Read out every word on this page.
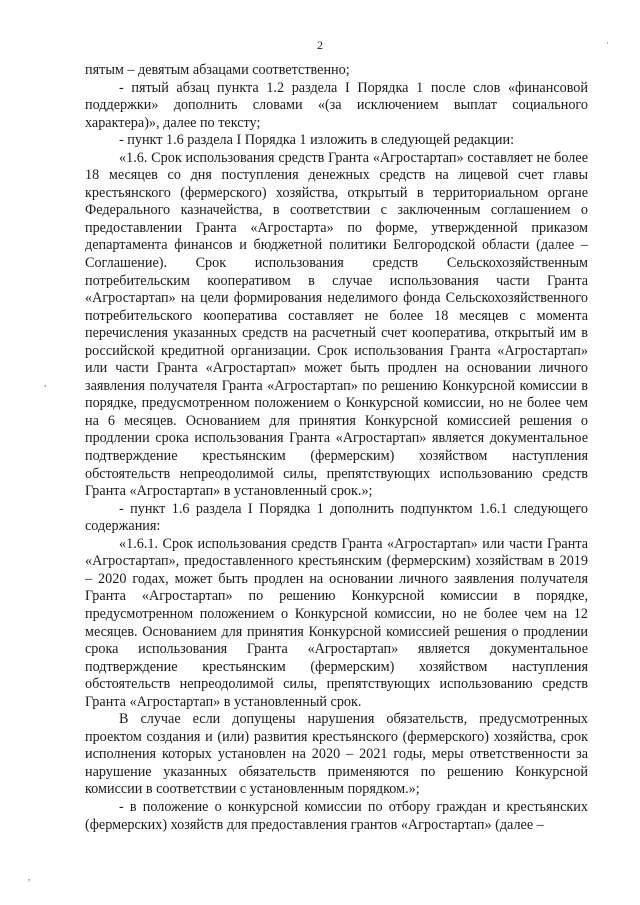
2

пятым – девятым абзацами соответственно;

- пятый абзац пункта 1.2 раздела I Порядка 1 после слов «финансовой поддержки» дополнить словами «(за исключением выплат социального характера)», далее по тексту;

- пункт 1.6 раздела I Порядка 1 изложить в следующей редакции:

«1.6. Срок использования средств Гранта «Агростартап» составляет не более 18 месяцев со дня поступления денежных средств на лицевой счет главы крестьянского (фермерского) хозяйства, открытый в территориальном органе Федерального казначейства, в соответствии с заключенным соглашением о предоставлении Гранта «Агростарта» по форме, утвержденной приказом департамента финансов и бюджетной политики Белгородской области (далее – Соглашение). Срок использования средств Сельскохозяйственным потребительским кооперативом в случае использования части Гранта «Агростартап» на цели формирования неделимого фонда Сельскохозяйственного потребительского кооператива составляет не более 18 месяцев с момента перечисления указанных средств на расчетный счет кооператива, открытый им в российской кредитной организации. Срок использования Гранта «Агростартап» или части Гранта «Агростартап» может быть продлен на основании личного заявления получателя Гранта «Агростартап» по решению Конкурсной комиссии в порядке, предусмотренном положением о Конкурсной комиссии, но не более чем на 6 месяцев. Основанием для принятия Конкурсной комиссией решения о продлении срока использования Гранта «Агростартап» является документальное подтверждение крестьянским (фермерским) хозяйством наступления обстоятельств непреодолимой силы, препятствующих использованию средств Гранта «Агростартап» в установленный срок.»;

- пункт 1.6 раздела I Порядка 1 дополнить подпунктом 1.6.1 следующего содержания:

«1.6.1. Срок использования средств Гранта «Агростартап» или части Гранта «Агростартап», предоставленного крестьянским (фермерским) хозяйствам в 2019 – 2020 годах, может быть продлен на основании личного заявления получателя Гранта «Агростартап» по решению Конкурсной комиссии в порядке, предусмотренном положением о Конкурсной комиссии, но не более чем на 12 месяцев. Основанием для принятия Конкурсной комиссией решения о продлении срока использования Гранта «Агростартап» является документальное подтверждение крестьянским (фермерским) хозяйством наступления обстоятельств непреодолимой силы, препятствующих использованию средств Гранта «Агростартап» в установленный срок.

В случае если допущены нарушения обязательств, предусмотренных проектом создания и (или) развития крестьянского (фермерского) хозяйства, срок исполнения которых установлен на 2020 – 2021 годы, меры ответственности за нарушение указанных обязательств применяются по решению Конкурсной комиссии в соответствии с установленным порядком.»;

- в положение о конкурсной комиссии по отбору граждан и крестьянских (фермерских) хозяйств для предоставления грантов «Агростартап» (далее –

,
·
,
